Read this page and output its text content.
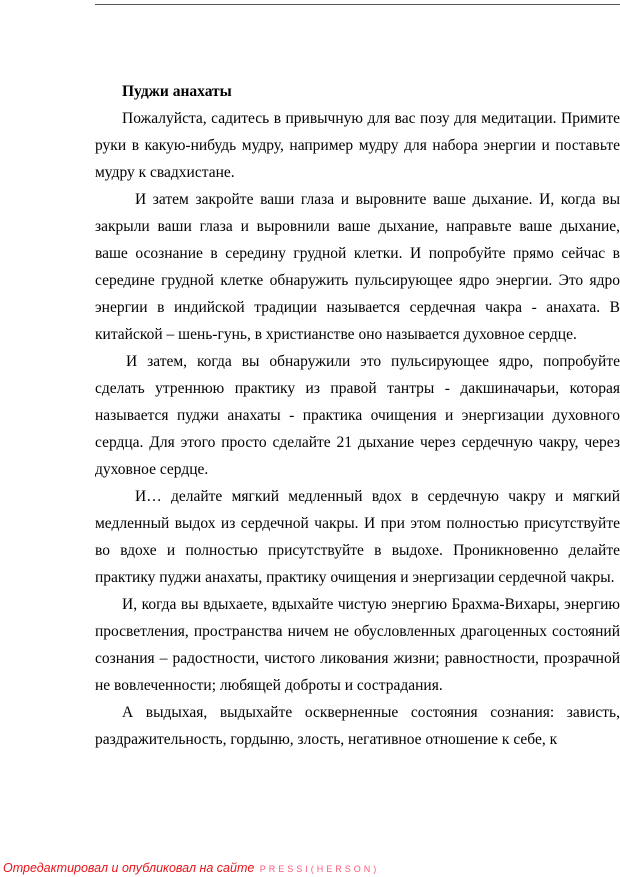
Пуджи анахаты

Пожалуйста, садитесь в привычную для вас позу для медитации. Примите руки в какую-нибудь мудру, например мудру для набора энергии и поставьте мудру к свадхистане.

И затем закройте ваши глаза и выровните ваше дыхание. И, когда вы закрыли ваши глаза и выровнили ваше дыхание, направьте ваше дыхание, ваше осознание в середину грудной клетки. И попробуйте прямо сейчас в середине грудной клетке обнаружить пульсирующее ядро энергии. Это ядро энергии в индийской традиции называется сердечная чакра - анахата. В китайской – шень-гунь, в христианстве оно называется духовное сердце.

И затем, когда вы обнаружили это пульсирующее ядро, попробуйте сделать утреннюю практику из правой тантры - дакшиначарьи, которая называется пуджи анахаты - практика очищения и энергизации духовного сердца. Для этого просто сделайте 21 дыхание через сердечную чакру, через духовное сердце.

И… делайте мягкий медленный вдох в сердечную чакру и мягкий медленный выдох из сердечной чакры. И при этом полностью присутствуйте во вдохе и полностью присутствуйте в выдохе. Проникновенно делайте практику пуджи анахаты, практику очищения и энергизации сердечной чакры.

И, когда вы вдыхаете, вдыхайте чистую энергию Брахма-Вихары, энергию просветления, пространства ничем не обусловленных драгоценных состояний сознания – радостности, чистого ликования жизни; равностности, прозрачной не вовлеченности; любящей доброты и сострадания.

А выдыхая, выдыхайте оскверненные состояния сознания: зависть, раздражительность, гордыню, злость, негативное отношение к себе, к

Отредактировал и опубликовал на сайте PRESSI(HERSON)
